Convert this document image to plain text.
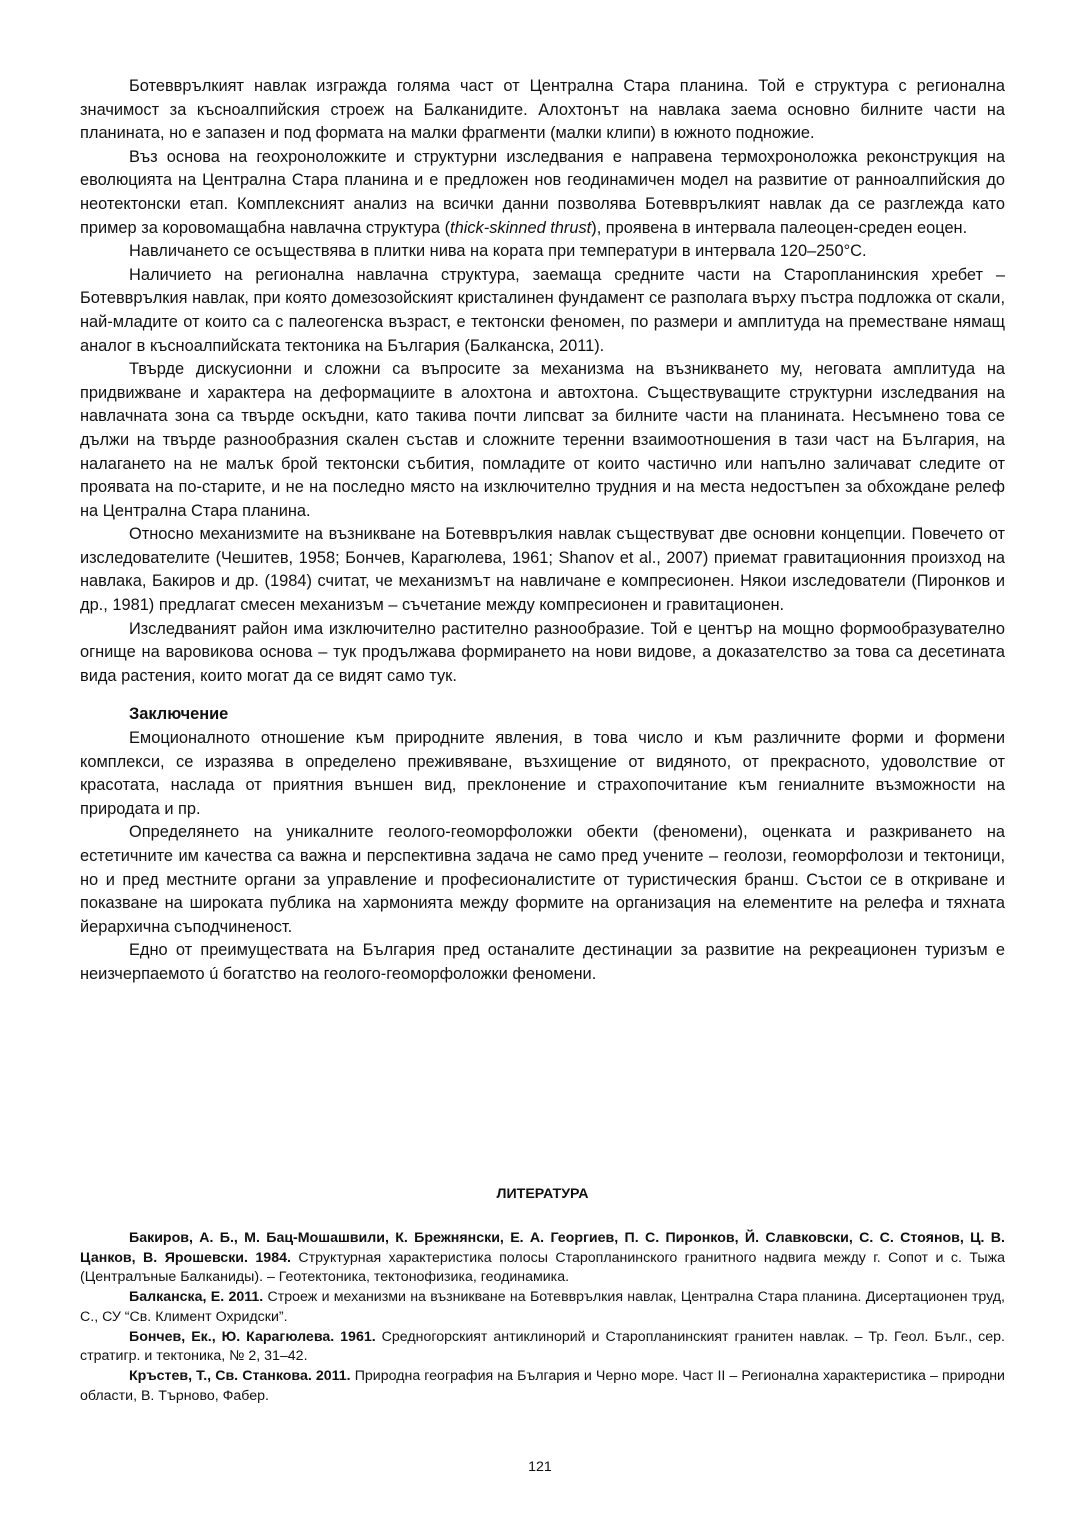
Ботевврълкият навлак изгражда голяма част от Централна Стара планина. Той е структура с регионална значимост за късноалпийския строеж на Балканидите. Алохтонът на навлака заема основно билните части на планината, но е запазен и под формата на малки фрагменти (малки клипи) в южното подножие.

Въз основа на геохроноложките и структурни изследвания е направена термохроноложка реконструкция на еволюцията на Централна Стара планина и е предложен нов геодинамичен модел на развитие от ранноалпийския до неотектонски етап. Комплексният анализ на всички данни позволява Ботевврълкият навлак да се разглежда като пример за коровомащабна навлачна структура (thick-skinned thrust), проявена в интервала палеоцен-среден еоцен.

Навличането се осъществява в плитки нива на кората при температури в интервала 120–250°С.

Наличието на регионална навлачна структура, заемаща средните части на Старопланинския хребет – Ботевврълкия навлак, при която домезозойският кристалинен фундамент се разполага върху пъстра подложка от скали, най-младите от които са с палеогенска възраст, е тектонски феномен, по размери и амплитуда на преместване нямащ аналог в късноалпийската тектоника на България (Балканска, 2011).

Твърде дискусионни и сложни са въпросите за механизма на възникването му, неговата амплитуда на придвижване и характера на деформациите в алохтона и автохтона. Съществуващите структурни изследвания на навлачната зона са твърде оскъдни, като такива почти липсват за билните части на планината. Несъмнено това се дължи на твърде разнообразния скален състав и сложните теренни взаимоотношения в тази част на България, на налагането на не малък брой тектонски събития, помладите от които частично или напълно заличават следите от проявата на по-старите, и не на последно място на изключително трудния и на места недостъпен за обхождане релеф на Централна Стара планина.

Относно механизмите на възникване на Ботевврълкия навлак съществуват две основни концепции. Повечето от изследователите (Чешитев, 1958; Бончев, Карагюлева, 1961; Shanov et al., 2007) приемат гравитационния произход на навлака, Бакиров и др. (1984) считат, че механизмът на навличане е компресионен. Някои изследователи (Пиронков и др., 1981) предлагат смесен механизъм – съчетание между компресионен и гравитационен.

Изследваният район има изключително растително разнообразие. Той е център на мощно формообразувателно огнище на варовикова основа – тук продължава формирането на нови видове, а доказателство за това са десетината вида растения, които могат да се видят само тук.

Заключение

Емоционалното отношение към природните явления, в това число и към различните форми и формени комплекси, се изразява в определено преживяване, възхищение от видяното, от прекрасното, удоволствие от красотата, наслада от приятния външен вид, преклонение и страхопочитание към гениалните възможности на природата и пр.

Определянето на уникалните геолого-геоморфоложки обекти (феномени), оценката и разкриването на естетичните им качества са важна и перспективна задача не само пред учените – геолози, геоморфолози и тектоници, но и пред местните органи за управление и професионалистите от туристическия бранш. Състои се в откриване и показване на широката публика на хармонията между формите на организация на елементите на релефа и тяхната йерархична съподчиненост.

Едно от преимуществата на България пред останалите дестинации за развитие на рекреационен туризъм е неизчерпаемото ú богатство на геолого-геоморфоложки феномени.

ЛИТЕРАТУРА

Бакиров, А. Б., М. Бац-Мошашвили, К. Брежнянски, Е. А. Георгиев, П. С. Пиронков, Й. Славковски, С. С. Стоянов, Ц. В. Цанков, В. Ярошевски. 1984. Структурная характеристика полосы Старопланинского гранитного надвига между г. Сопот и с. Тыжа (Централъные Балканиды). – Геотектоника, тектонофизика, геодинамика.

Балканска, Е. 2011. Строеж и механизми на възникване на Ботевврълкия навлак, Централна Стара планина. Дисертационен труд, С., СУ “Св. Климент Охридски”.

Бончев, Ек., Ю. Карагюлева. 1961. Средногорският антиклинорий и Старопланинският гранитен навлак. – Тр. Геол. Бълг., сер. стратигр. и тектоника, № 2, 31–42.

Кръстев, Т., Св. Станкова. 2011. Природна география на България и Черно море. Част II – Регионална характеристика – природни области, В. Търново, Фабер.

121
